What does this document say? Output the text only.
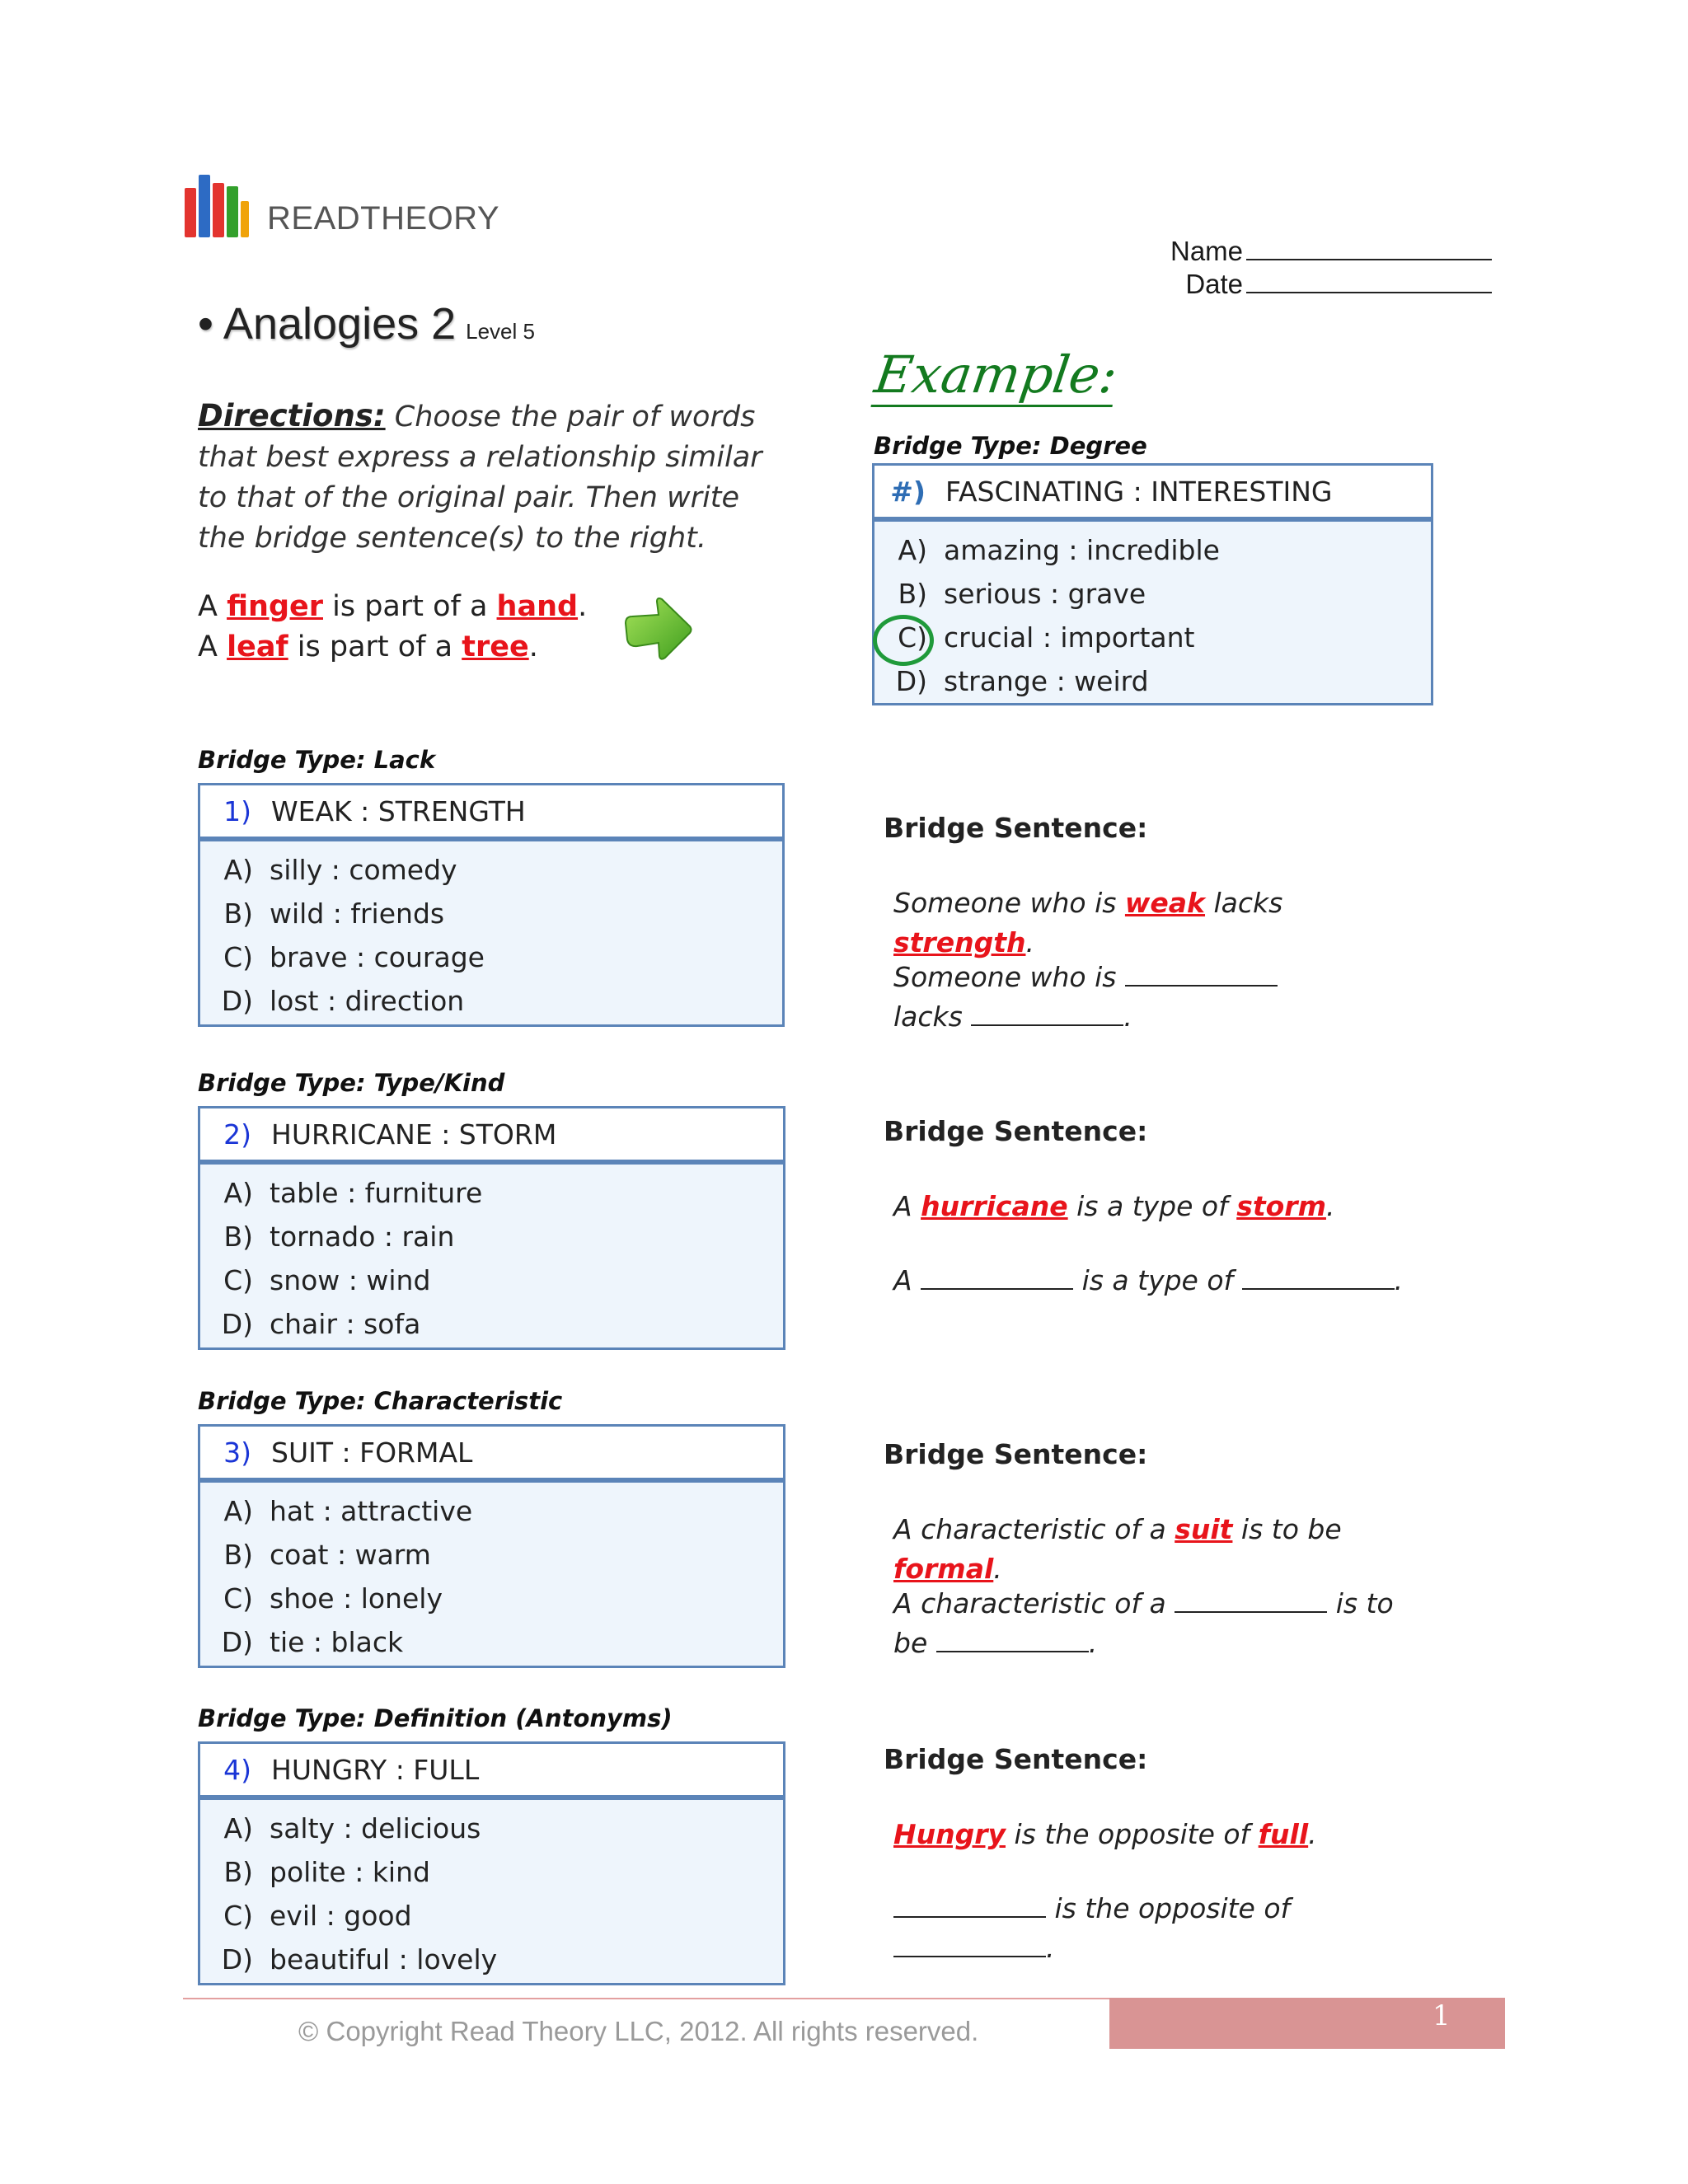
READTHEORY
Name
Date
• Analogies 2 Level 5
Directions: Choose the pair of words that best express a relationship similar to that of the original pair. Then write the bridge sentence(s) to the right.
A finger is part of a hand.
A leaf is part of a tree.
Example:
Bridge Type: Degree
#) FASCINATING : INTERESTING
A) amazing : incredible
B) serious : grave
C) crucial : important
D) strange : weird
Bridge Type: Lack
1) WEAK : STRENGTH
A) silly : comedy
B) wild : friends
C) brave : courage
D) lost : direction
Bridge Sentence:
Someone who is weak lacks strength.
Someone who is  lacks	.
Bridge Type: Type/Kind
2) HURRICANE : STORM
A) table : furniture
B) tornado : rain
C) snow : wind
D) chair : sofa
Bridge Sentence:
A hurricane is a type of storm.
A	is a type of	.
Bridge Type: Characteristic
3) SUIT : FORMAL
A) hat : attractive
B) coat : warm
C) shoe : lonely
D) tie : black
Bridge Sentence:
A characteristic of a suit is to be formal.
A characteristic of a	is to be	.
Bridge Type: Definition (Antonyms)
4) HUNGRY : FULL
A) salty : delicious
B) polite : kind
C) evil : good
D) beautiful : lovely
Bridge Sentence:
Hungry is the opposite of full.
is the opposite of .
1
© Copyright Read Theory LLC, 2012. All rights reserved.
